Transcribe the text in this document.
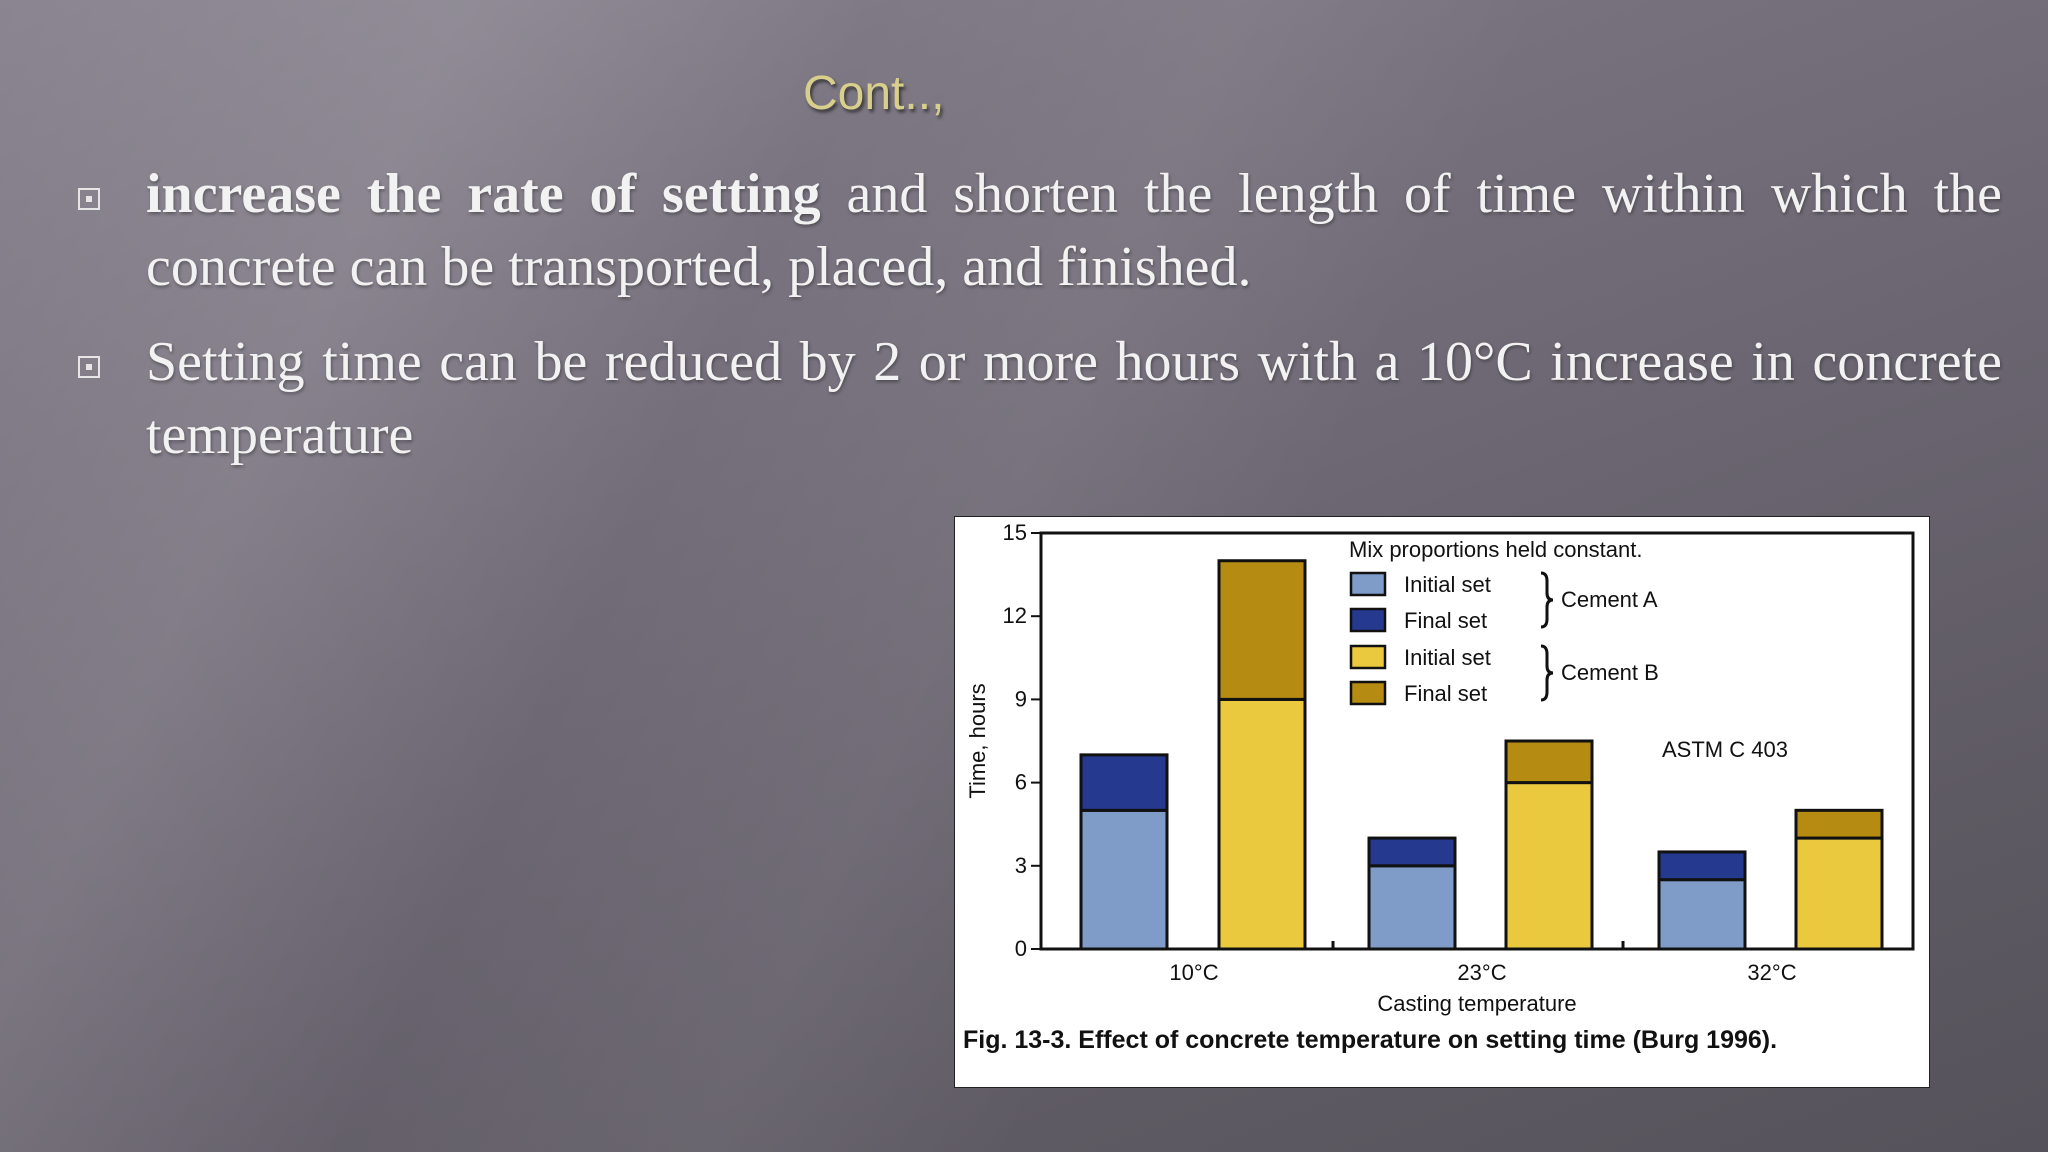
Cont..,

increase the rate of setting and shorten the length of time within which the concrete can be transported, placed, and finished.

Setting time can be reduced by 2 or more hours with a 10°C increase in concrete temperature

0
3
6
9
12
15
Time, hours
10°C	23°C	32°C
Casting temperature
Mix proportions held constant.
ASTM C 403
Initial set
Final set
Initial set
Final set
Cement A
Cement B
Fig. 13-3. Effect of concrete temperature on setting time (Burg 1996).
